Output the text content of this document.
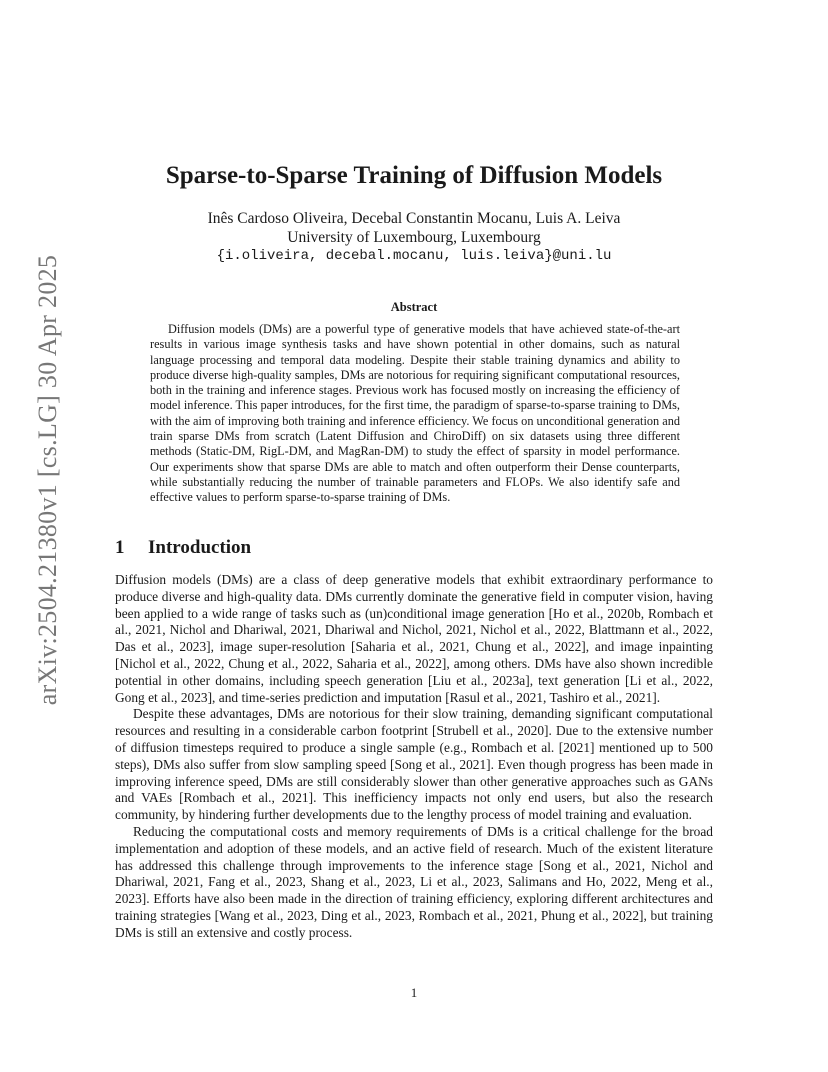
arXiv:2504.21380v1 [cs.LG] 30 Apr 2025
Sparse-to-Sparse Training of Diffusion Models
Inês Cardoso Oliveira, Decebal Constantin Mocanu, Luis A. Leiva
University of Luxembourg, Luxembourg
{i.oliveira, decebal.mocanu, luis.leiva}@uni.lu
Abstract

Diffusion models (DMs) are a powerful type of generative models that have achieved state-of-the-art results in various image synthesis tasks and have shown potential in other domains, such as natural language processing and temporal data modeling. Despite their stable training dynamics and ability to produce diverse high-quality samples, DMs are notorious for requiring significant computational resources, both in the training and inference stages. Previous work has focused mostly on increasing the efficiency of model inference. This paper introduces, for the first time, the paradigm of sparse-to-sparse training to DMs, with the aim of improving both training and inference efficiency. We focus on unconditional generation and train sparse DMs from scratch (Latent Diffusion and ChiroDiff) on six datasets using three different methods (Static-DM, RigL-DM, and MagRan-DM) to study the effect of sparsity in model performance. Our experiments show that sparse DMs are able to match and often outperform their Dense counterparts, while substantially reducing the number of trainable parameters and FLOPs. We also identify safe and effective values to perform sparse-to-sparse training of DMs.

1 Introduction

Diffusion models (DMs) are a class of deep generative models that exhibit extraordinary performance to produce diverse and high-quality data. DMs currently dominate the generative field in computer vision, having been applied to a wide range of tasks such as (un)conditional image generation [Ho et al., 2020b, Rombach et al., 2021, Nichol and Dhariwal, 2021, Dhariwal and Nichol, 2021, Nichol et al., 2022, Blattmann et al., 2022, Das et al., 2023], image super-resolution [Saharia et al., 2021, Chung et al., 2022], and image inpainting [Nichol et al., 2022, Chung et al., 2022, Saharia et al., 2022], among others. DMs have also shown incredible potential in other domains, including speech generation [Liu et al., 2023a], text generation [Li et al., 2022, Gong et al., 2023], and time-series prediction and imputation [Rasul et al., 2021, Tashiro et al., 2021].

Despite these advantages, DMs are notorious for their slow training, demanding significant computational resources and resulting in a considerable carbon footprint [Strubell et al., 2020]. Due to the extensive number of diffusion timesteps required to produce a single sample (e.g., Rombach et al. [2021] mentioned up to 500 steps), DMs also suffer from slow sampling speed [Song et al., 2021]. Even though progress has been made in improving inference speed, DMs are still considerably slower than other generative approaches such as GANs and VAEs [Rombach et al., 2021]. This inefficiency impacts not only end users, but also the research community, by hindering further developments due to the lengthy process of model training and evaluation.

Reducing the computational costs and memory requirements of DMs is a critical challenge for the broad implementation and adoption of these models, and an active field of research. Much of the existent literature has addressed this challenge through improvements to the inference stage [Song et al., 2021, Nichol and Dhariwal, 2021, Fang et al., 2023, Shang et al., 2023, Li et al., 2023, Salimans and Ho, 2022, Meng et al., 2023]. Efforts have also been made in the direction of training efficiency, exploring different architectures and training strategies [Wang et al., 2023, Ding et al., 2023, Rombach et al., 2021, Phung et al., 2022], but training DMs is still an extensive and costly process.

1
